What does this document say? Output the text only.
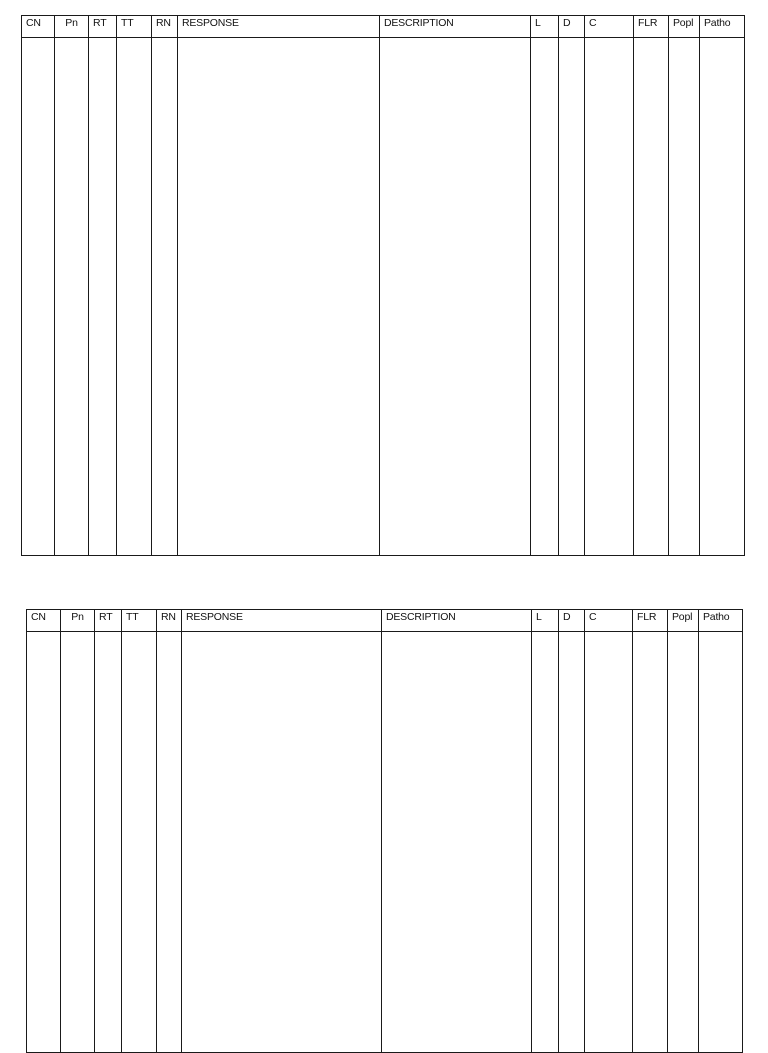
CN	Pn	RT	TT	RN	RESPONSE	DESCRIPTION	L	D	C	FLR	Popl	Patho

CN	Pn	RT	TT	RN	RESPONSE	DESCRIPTION	L	D	C	FLR	Popl	Patho
